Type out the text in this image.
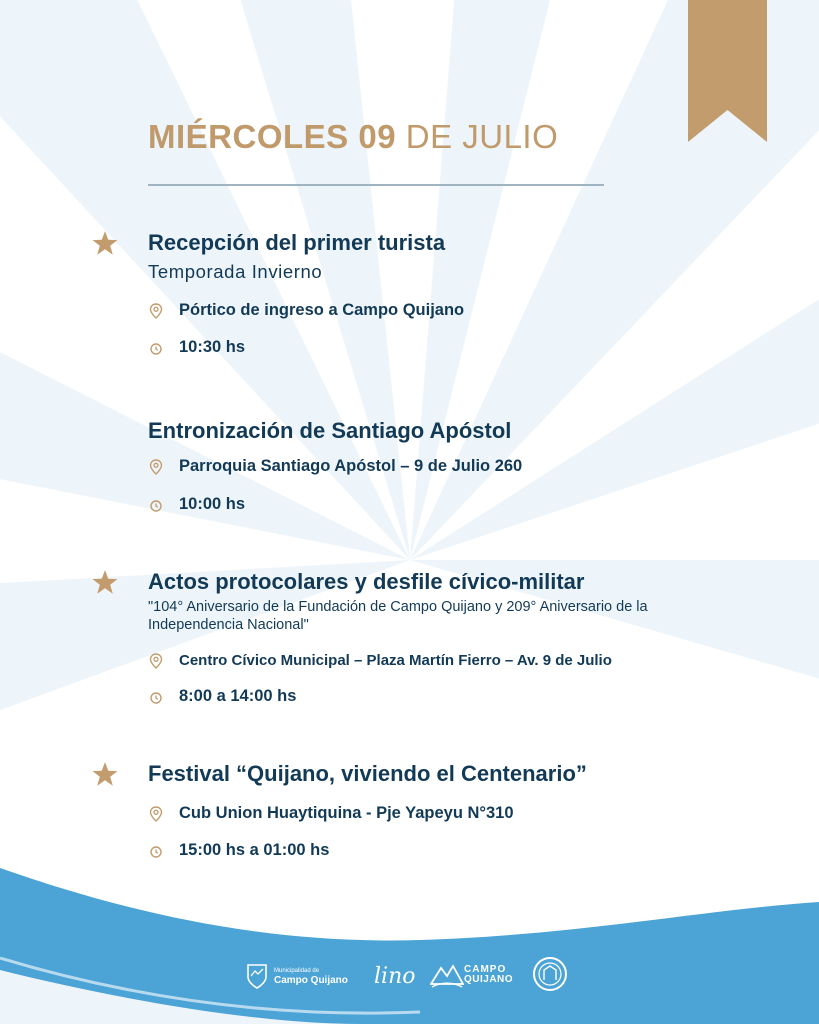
MIÉRCOLES 09 DE JULIO
Recepción del primer turista
Temporada Invierno
Pórtico de ingreso a Campo Quijano
10:30 hs
Entronización de Santiago Apóstol
Parroquia Santiago Apóstol – 9 de Julio 260
10:00 hs
Actos protocolares y desfile cívico-militar
"104° Aniversario de la Fundación de Campo Quijano y 209° Aniversario de la Independencia Nacional"
Centro Cívico Municipal – Plaza Martín Fierro – Av. 9 de Julio
8:00 a 14:00 hs
Festival “Quijano, viviendo el Centenario”
Cub Union Huaytiquina - Pje Yapeyu N°310
15:00 hs a 01:00 hs
Municipalidad de
Campo Quijano lino	CAMPO
QUIJANO
